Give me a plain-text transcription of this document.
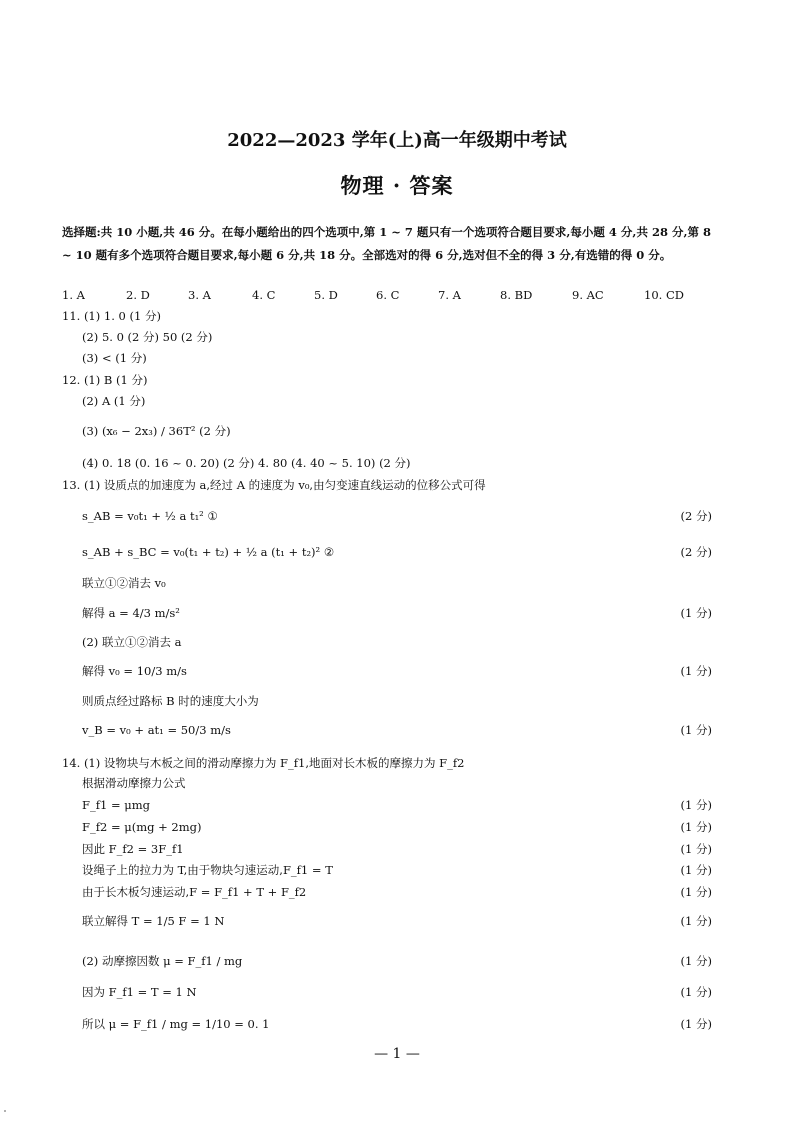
2022—2023 学年(上)高一年级期中考试
物理 · 答案
选择题:共 10 小题,共 46 分。在每小题给出的四个选项中,第 1 ~ 7 题只有一个选项符合题目要求,每小题 4 分,共 28 分,第 8 ~ 10 题有多个选项符合题目要求,每小题 6 分,共 18 分。全部选对的得 6 分,选对但不全的得 3 分,有选错的得 0 分。
1. A	2. D	3. A	4. C	5. D	6. C	7. A	8. BD	9. AC	10. CD
11. (1) 1. 0 (1 分)
(2) 5. 0 (2 分) 50 (2 分)
(3) < (1 分)
12. (1) B (1 分)
(2) A (1 分)
(3) (x₆ − 2x₃) / 36T² (2 分)
(4) 0. 18 (0. 16 ~ 0. 20) (2 分) 4. 80 (4. 40 ~ 5. 10) (2 分)
13. (1) 设质点的加速度为 a,经过 A 的速度为 v₀,由匀变速直线运动的位移公式可得
s_AB = v₀t₁ + ½ a t₁² ①	(2 分)
s_AB + s_BC = v₀(t₁ + t₂) + ½ a (t₁ + t₂)² ②	(2 分)
联立①②消去 v₀
解得 a = 4/3 m/s²	(1 分)
(2) 联立①②消去 a
解得 v₀ = 10/3 m/s	(1 分)
则质点经过路标 B 时的速度大小为
v_B = v₀ + at₁ = 50/3 m/s	(1 分)
14. (1) 设物块与木板之间的滑动摩擦力为 F_f1,地面对长木板的摩擦力为 F_f2
根据滑动摩擦力公式
F_f1 = μmg	(1 分)
F_f2 = μ(mg + 2mg)	(1 分)
因此 F_f2 = 3F_f1	(1 分)
设绳子上的拉力为 T,由于物块匀速运动,F_f1 = T	(1 分)
由于长木板匀速运动,F = F_f1 + T + F_f2	(1 分)
联立解得 T = 1/5 F = 1 N	(1 分)
(2) 动摩擦因数 μ = F_f1 / mg	(1 分)
因为 F_f1 = T = 1 N	(1 分)
所以 μ = F_f1 / mg = 1/10 = 0. 1	(1 分)
— 1 —
